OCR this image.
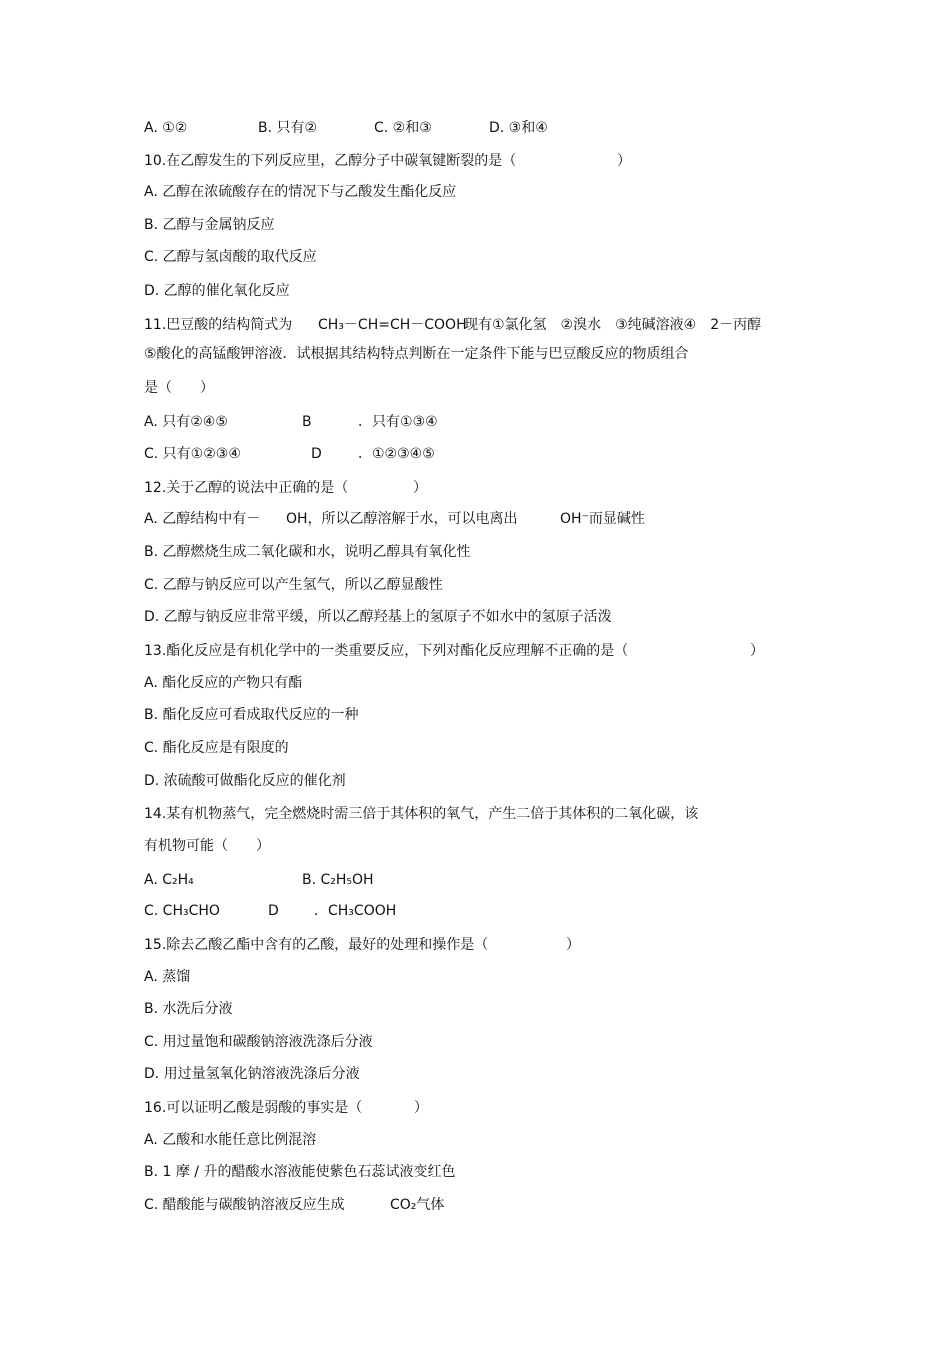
A. ①②	B. 只有②	C. ②和③	D. ③和④
10.在乙醇发生的下列反应里，乙醇分子中碳氧键断裂的是（	）
A. 乙醇在浓硫酸存在的情况下与乙酸发生酯化反应
B. 乙醇与金属钠反应
C. 乙醇与氢卤酸的取代反应
D. 乙醇的催化氧化反应
11.巴豆酸的结构简式为 CH₃－CH=CH－COOH
现有①氯化氢　②溴水　③纯碱溶液④　2－丙醇
⑤酸化的高锰酸钾溶液．试根据其结构特点判断在一定条件下能与巴豆酸反应的物质组合
是（　　）
A. 只有②④⑤	B	．只有①③④
C. 只有①②③④	D	．①②③④⑤
12.关于乙醇的说法中正确的是（	）
A. 乙醇结构中有－ OH，所以乙醇溶解于水，可以电离出	OH⁻而显碱性
B. 乙醇燃烧生成二氧化碳和水，说明乙醇具有氧化性
C. 乙醇与钠反应可以产生氢气，所以乙醇显酸性
D. 乙醇与钠反应非常平缓，所以乙醇羟基上的氢原子不如水中的氢原子活泼
13.酯化反应是有机化学中的一类重要反应，下列对酯化反应理解不正确的是（	）
A. 酯化反应的产物只有酯
B. 酯化反应可看成取代反应的一种
C. 酯化反应是有限度的
D. 浓硫酸可做酯化反应的催化剂
14.某有机物蒸气，完全燃烧时需三倍于其体积的氧气，产生二倍于其体积的二氧化碳，该
有机物可能（　　）
A. C₂H₄	B. C₂H₅OH
C. CH₃CHO	D	．CH₃COOH
15.除去乙酸乙酯中含有的乙酸，最好的处理和操作是（	）
A. 蒸馏
B. 水洗后分液
C. 用过量饱和碳酸钠溶液洗涤后分液
D. 用过量氢氧化钠溶液洗涤后分液
16.可以证明乙酸是弱酸的事实是（	）
A. 乙酸和水能任意比例混溶
B. 1 摩 / 升的醋酸水溶液能使紫色石蕊试液变红色
C. 醋酸能与碳酸钠溶液反应生成	CO₂气体
